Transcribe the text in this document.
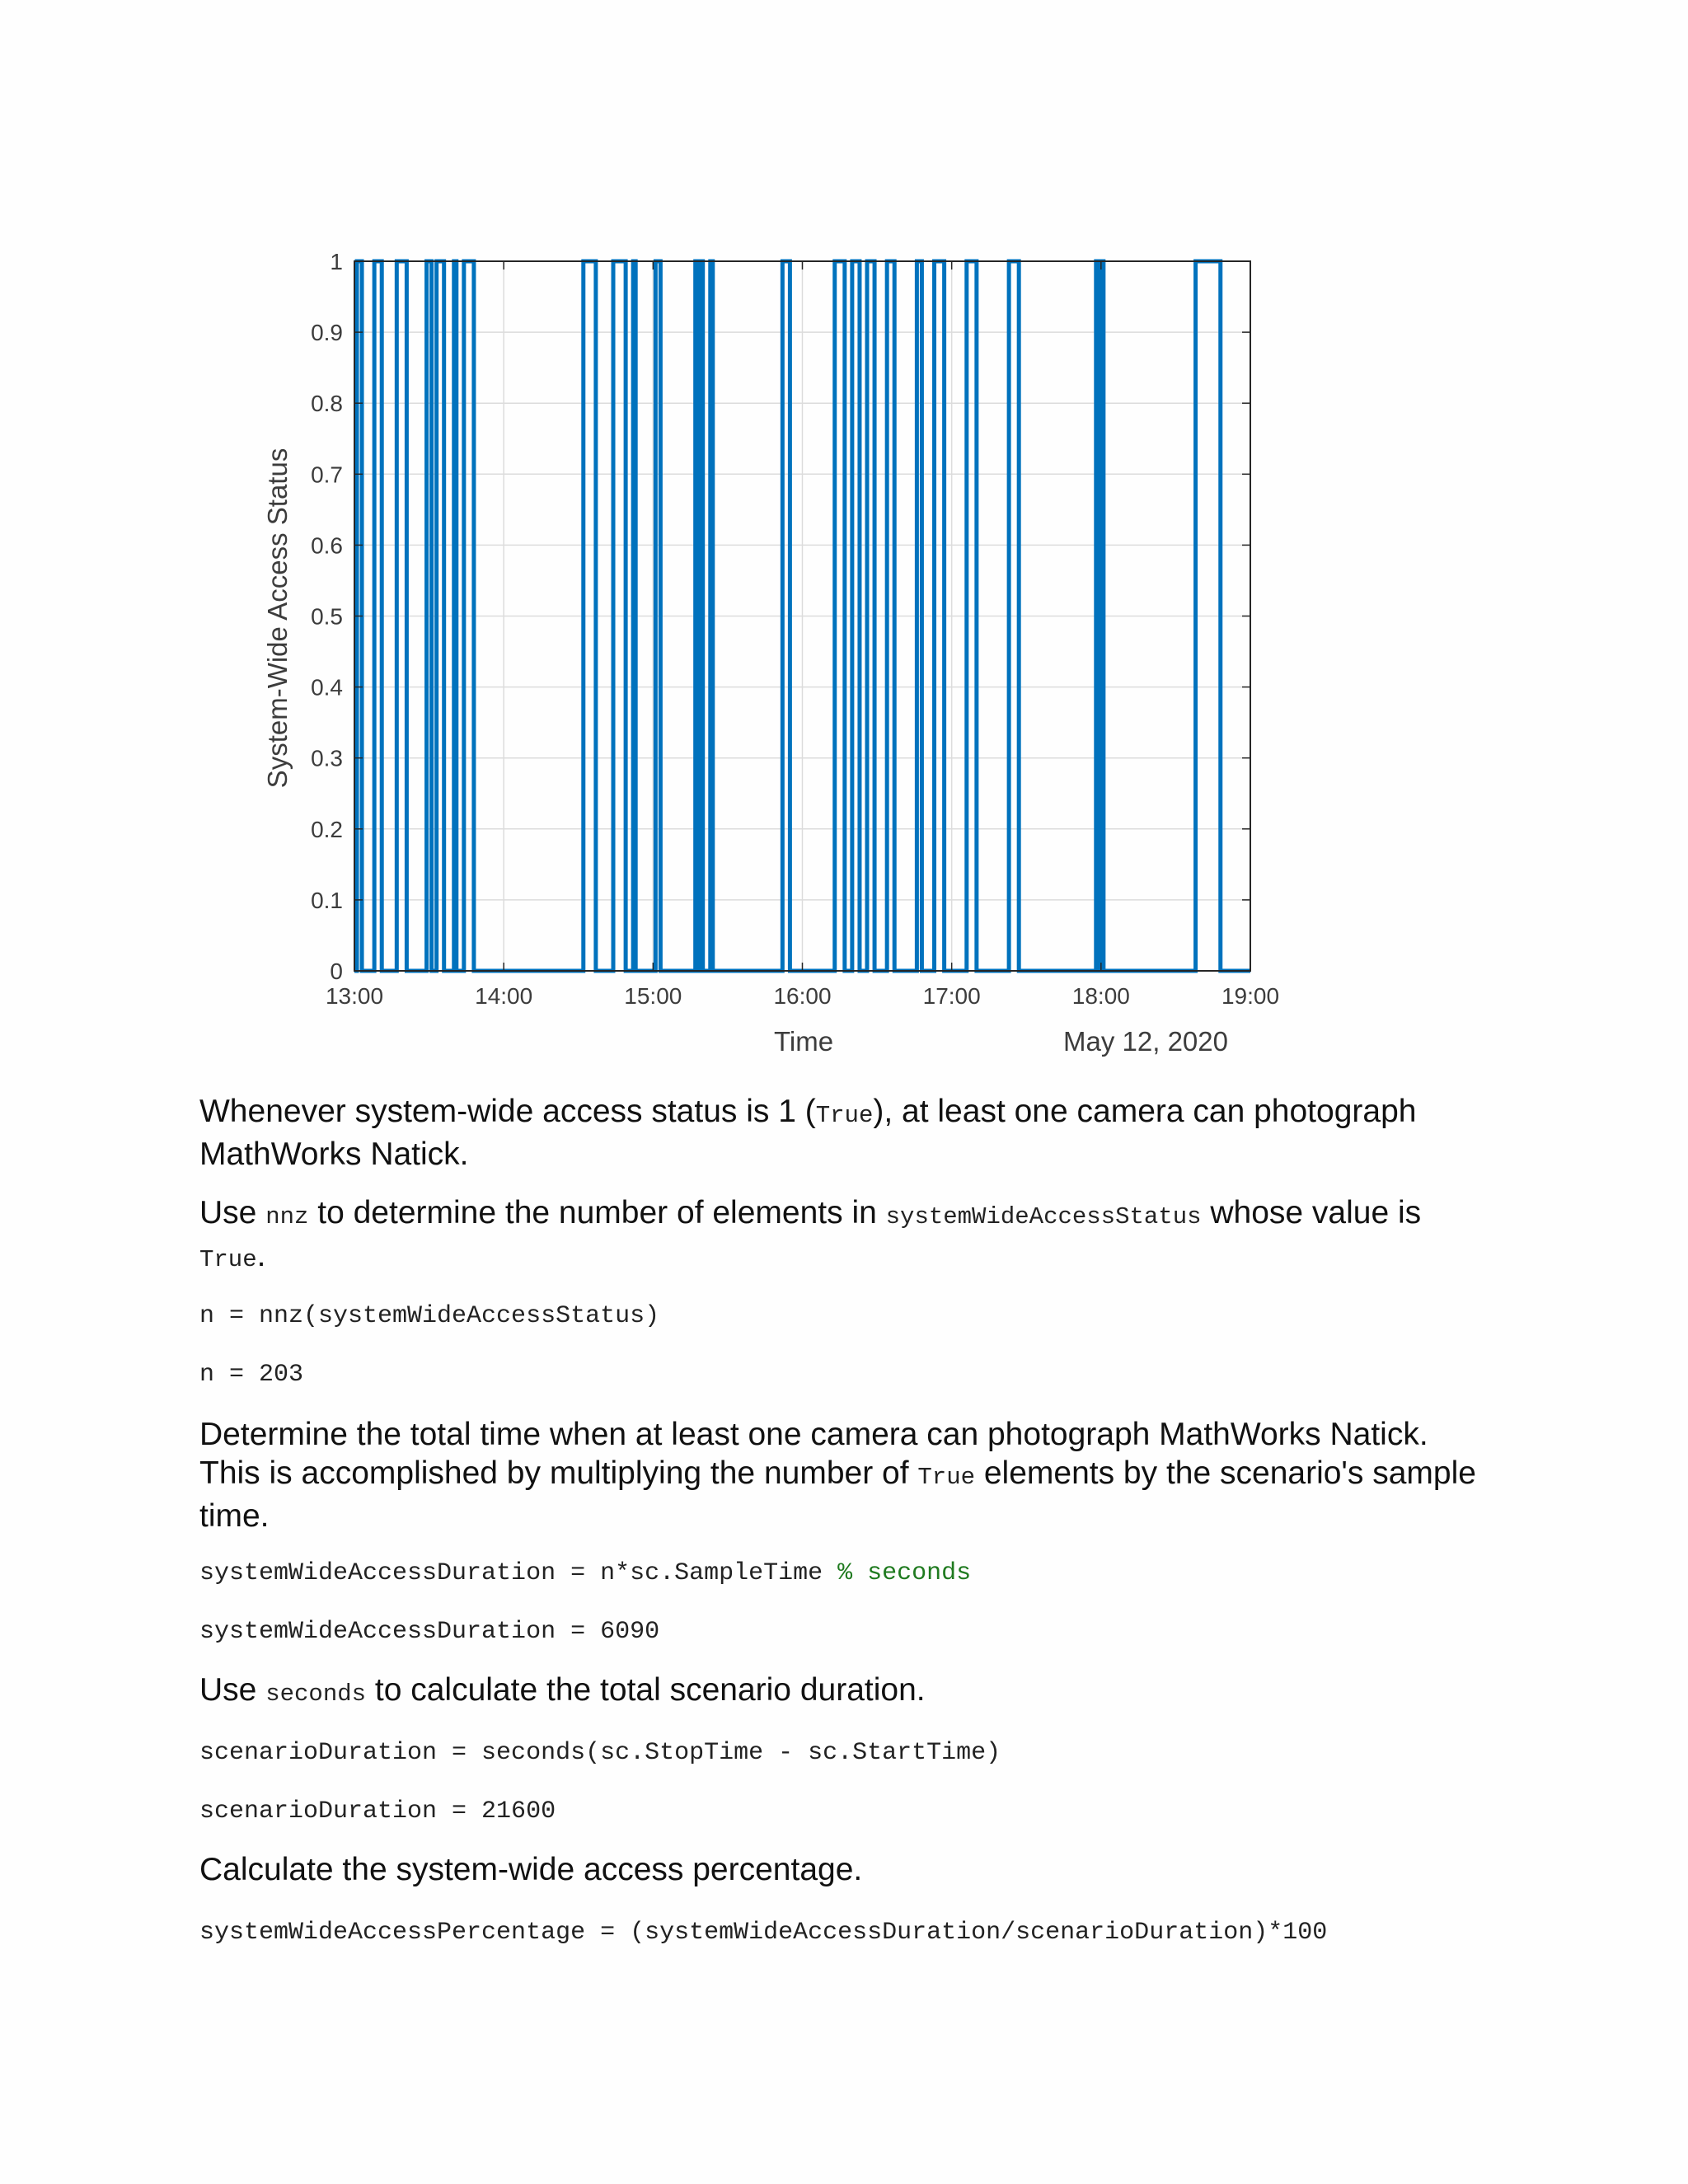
13:00	14:00	15:00	16:00	17:00	18:00	19:00
0
0.1
0.2
0.3
0.4
0.5
0.6
0.7
0.8
0.9
1
Time	May 12, 2020
System-Wide Access Status

Whenever system-wide access status is 1 (True), at least one camera can photograph MathWorks Natick.

Use nnz to determine the number of elements in systemWideAccessStatus whose value is True.

n = nnz(systemWideAccessStatus)

n = 203

Determine the total time when at least one camera can photograph MathWorks Natick. This is accomplished by multiplying the number of True elements by the scenario's sample time.

systemWideAccessDuration = n*sc.SampleTime % seconds

systemWideAccessDuration = 6090

Use seconds to calculate the total scenario duration.

scenarioDuration = seconds(sc.StopTime - sc.StartTime)

scenarioDuration = 21600

Calculate the system-wide access percentage.

systemWideAccessPercentage = (systemWideAccessDuration/scenarioDuration)*100
